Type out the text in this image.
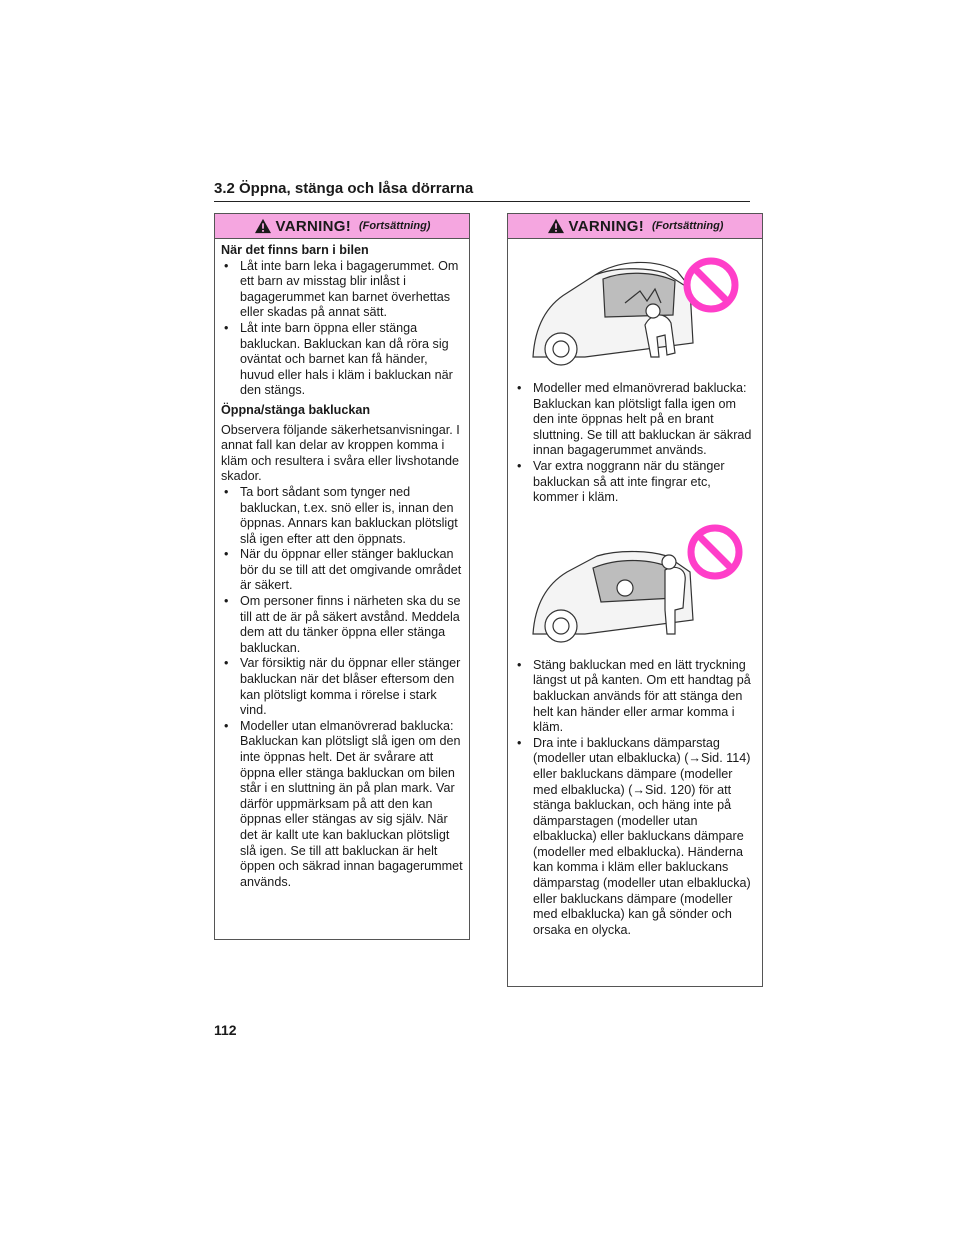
3.2 Öppna, stänga och låsa dörrarna
VARNING! (Fortsättning)
När det finns barn i bilen
• Låt inte barn leka i bagagerummet. Om ett barn av misstag blir inlåst i bagagerummet kan barnet överhettas eller skadas på annat sätt.
• Låt inte barn öppna eller stänga bakluckan. Bakluckan kan då röra sig oväntat och barnet kan få händer, huvud eller hals i kläm i bakluckan när den stängs.
Öppna/stänga bakluckan
Observera följande säkerhetsanvisningar. I annat fall kan delar av kroppen komma i kläm och resultera i svåra eller livshotande skador.
• Ta bort sådant som tynger ned bakluckan, t.ex. snö eller is, innan den öppnas. Annars kan bakluckan plötsligt slå igen efter att den öppnats.
• När du öppnar eller stänger bakluckan bör du se till att det omgivande området är säkert.
• Om personer finns i närheten ska du se till att de är på säkert avstånd. Meddela dem att du tänker öppna eller stänga bakluckan.
• Var försiktig när du öppnar eller stänger bakluckan när det blåser eftersom den kan plötsligt komma i rörelse i stark vind.
• Modeller utan elmanövrerad baklucka: Bakluckan kan plötsligt slå igen om den inte öppnas helt. Det är svårare att öppna eller stänga bakluckan om bilen står i en sluttning än på plan mark. Var därför uppmärksam på att den kan öppnas eller stängas av sig själv. När det är kallt ute kan bakluckan plötsligt slå igen. Se till att bakluckan är helt öppen och säkrad innan bagagerummet används.
VARNING! (Fortsättning)
• Modeller med elmanövrerad baklucka: Bakluckan kan plötsligt falla igen om den inte öppnas helt på en brant sluttning. Se till att bakluckan är säkrad innan bagagerummet används.
• Var extra noggrann när du stänger bakluckan så att inte fingrar etc, kommer i kläm.
• Stäng bakluckan med en lätt tryckning längst ut på kanten. Om ett handtag på bakluckan används för att stänga den helt kan händer eller armar komma i kläm.
• Dra inte i bakluckans dämparstag (modeller utan elbaklucka) (→Sid. 114) eller bakluckans dämpare (modeller med elbaklucka) (→Sid. 120) för att stänga bakluckan, och häng inte på dämparstagen (modeller utan elbaklucka) eller bakluckans dämpare (modeller med elbaklucka). Händerna kan komma i kläm eller bakluckans dämparstag (modeller utan elbaklucka) eller bakluckans dämpare (modeller med elbaklucka) kan gå sönder och orsaka en olycka.
112
